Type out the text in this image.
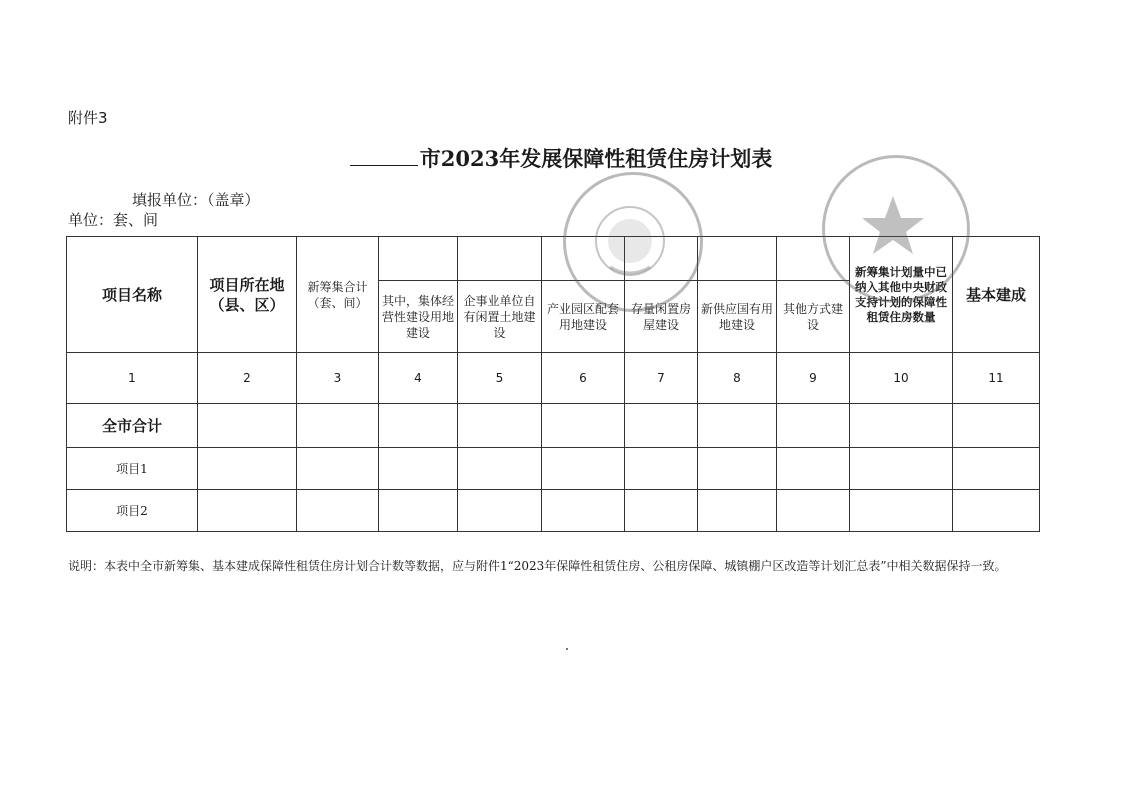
附件3
市2023年发展保障性租赁住房计划表
填报单位：（盖章）
单位：套、间
项目名称	项目所在地（县、区）	新筹集合计（套、间）							新筹集计划量中已纳入其他中央财政支持计划的保障性租赁住房数量	基本建成
			其中，集体经营性建设用地建设	企事业单位自有闲置土地建设	产业园区配套用地建设	存量闲置房屋建设	新供应国有用地建设	其他方式建设		
1	2	3	4	5	6	7	8	9	10	11
全市合计										
项目1										
项目2										
说明：本表中全市新筹集、基本建成保障性租赁住房计划合计数等数据，应与附件1“2023年保障性租赁住房、公租房保障、城镇棚户区改造等计划汇总表”中相关数据保持一致。
